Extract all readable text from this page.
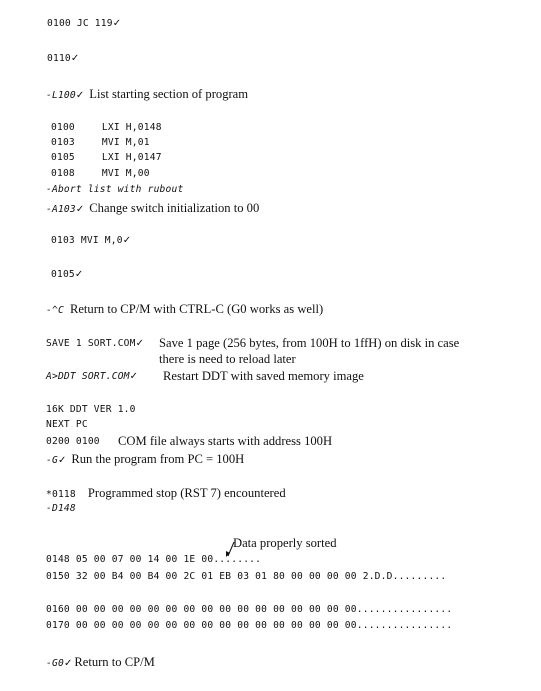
0100 JC 119✓
0110✓
-L100✓ List starting section of program
0100	LXI H,0148
0103	MVI M,01
0105	LXI H,0147
0108	MVI M,00
-Abort list with rubout
-A103✓ Change switch initialization to 00
0103 MVI M,0✓
0105✓
-^C Return to CP/M with CTRL-C (G0 works as well)
SAVE 1 SORT.COM✓ Save 1 page (256 bytes, from 100H to 1ffH) on disk in case
there is need to reload later
A>DDT SORT.COM✓ Restart DDT with saved memory image
16K DDT VER 1.0
NEXT PC
0200 0100 COM file always starts with address 100H
-G✓ Run the program from PC = 100H
*0118 Programmed stop (RST 7) encountered
-D148
Data properly sorted
0148 05 00 07 00 14 00 1E 00........
0150 32 00 B4 00 B4 00 2C 01 EB 03 01 80 00 00 00 00 2.D.D.........
0160 00 00 00 00 00 00 00 00 00 00 00 00 00 00 00 00................
0170 00 00 00 00 00 00 00 00 00 00 00 00 00 00 00 00................
-G0✓ Return to CP/M
